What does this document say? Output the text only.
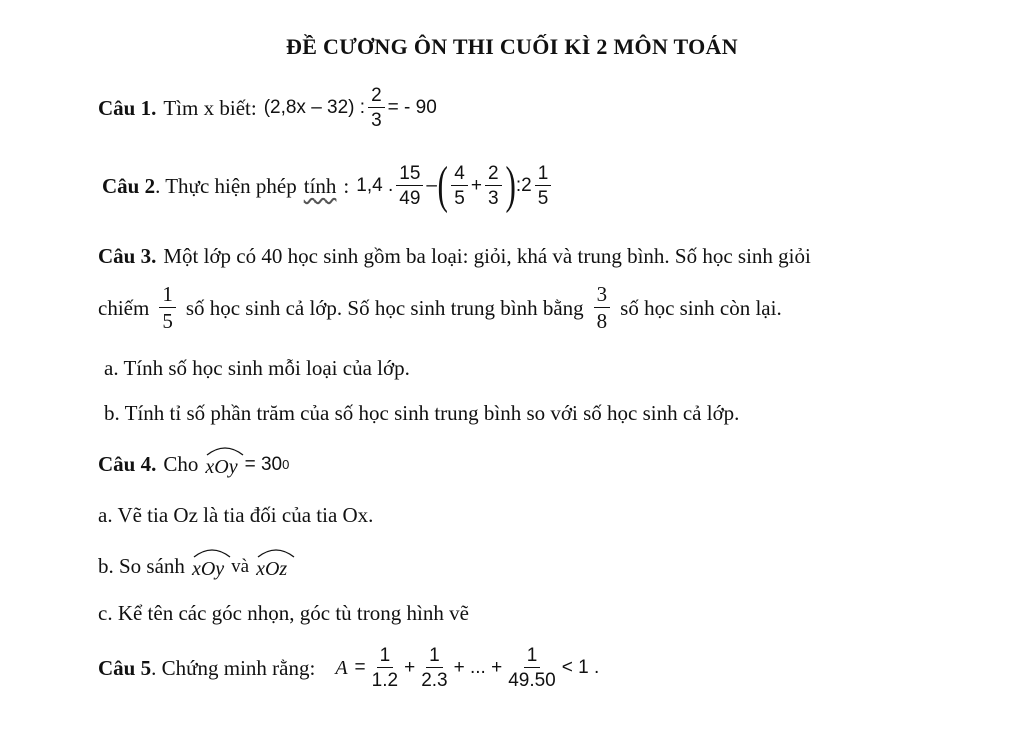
ĐỀ CƯƠNG ÔN THI CUỐI KÌ 2 MÔN TOÁN
Câu 1. Tìm x biết: (2,8x – 32) : $\frac{2}{3}$ = - 90
Câu 2 . Thực hiện phép tính : 1,4 . $\frac{15}{49}$ – ( $\frac{4}{5} + \frac{2}{3}$ ) : $2 \frac{1}{5}$
Câu 3. Một lớp có 40 học sinh gồm ba loại: giỏi, khá và trung bình. Số học sinh giỏi
chiếm $\frac{1}{5}$ số học sinh cả lớp. Số học sinh trung bình bằng $\frac{3}{8}$ số học sinh còn lại.
a. Tính số học sinh mỗi loại của lớp.
b. Tính tỉ số phần trăm của số học sinh trung bình so với số học sinh cả lớp.
Câu 4. Cho xOy = 30 0
a. Vẽ tia Oz là tia đối của tia Ox.
b. So sánh xOy và xOz
c. Kể tên các góc nhọn, góc tù trong hình vẽ
Câu 5 . Chứng minh rằng: $A = \frac{1}{1.2} + \frac{1}{2.3}$ + ... + $\frac{1}{49.50} < 1$ .
